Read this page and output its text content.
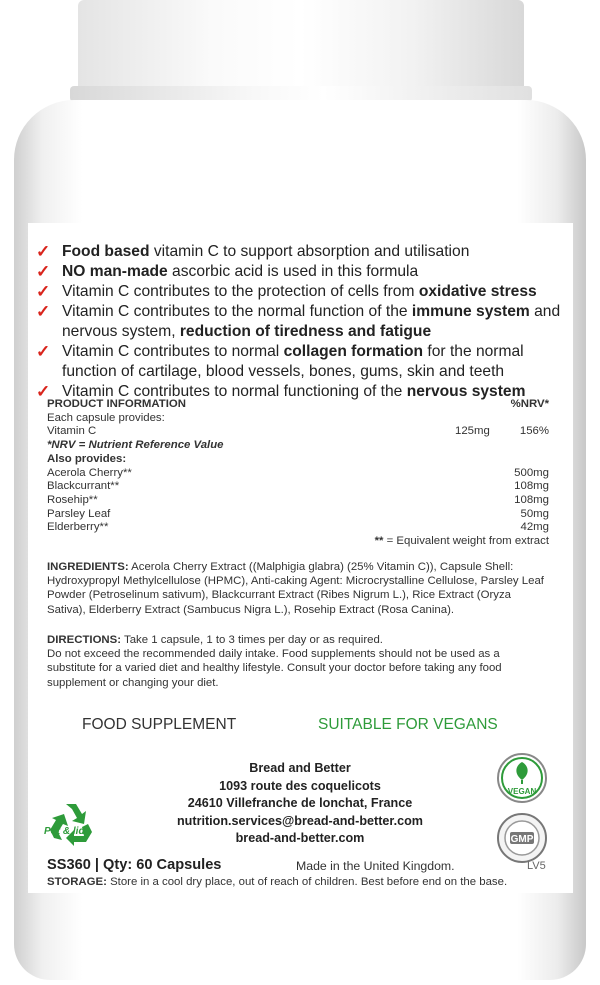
✓ Food based vitamin C to support absorption and utilisation
✓ NO man-made ascorbic acid is used in this formula
✓ Vitamin C contributes to the protection of cells from oxidative stress
✓ Vitamin C contributes to the normal function of the immune system and nervous system, reduction of tiredness and fatigue
✓ Vitamin C contributes to normal collagen formation for the normal function of cartilage, blood vessels, bones, gums, skin and teeth
✓ Vitamin C contributes to normal functioning of the nervous system
PRODUCT INFORMATION	%NRV*
Each capsule provides:
Vitamin C	125mg	156%
*NRV = Nutrient Reference Value
Also provides:
Acerola Cherry**	500mg
Blackcurrant**	108mg
Rosehip**	108mg
Parsley Leaf	50mg
Elderberry**	42mg
** = Equivalent weight from extract
INGREDIENTS: Acerola Cherry Extract ((Malphigia glabra) (25% Vitamin C)), Capsule Shell: Hydroxypropyl Methylcellulose (HPMC), Anti-caking Agent: Microcrystalline Cellulose, Parsley Leaf Powder (Petroselinum sativum), Blackcurrant Extract (Ribes Nigrum L.), Rice Extract (Oryza Sativa), Elderberry Extract (Sambucus Nigra L.), Rosehip Extract (Rosa Canina).
DIRECTIONS: Take 1 capsule, 1 to 3 times per day or as required.
Do not exceed the recommended daily intake. Food supplements should not be used as a substitute for a varied diet and healthy lifestyle. Consult your doctor before taking any food supplement or changing your diet.
FOOD SUPPLEMENT	SUITABLE FOR VEGANS
Bread and Better
1093 route des coquelicots
24610 Villefranche de lonchat, France
nutrition.services@bread-and-better.com
bread-and-better.com
Pot & lid
VEGAN
GMP
SS360 | Qty: 60 Capsules	Made in the United Kingdom.	LV5
STORAGE: Store in a cool dry place, out of reach of children. Best before end on the base.
